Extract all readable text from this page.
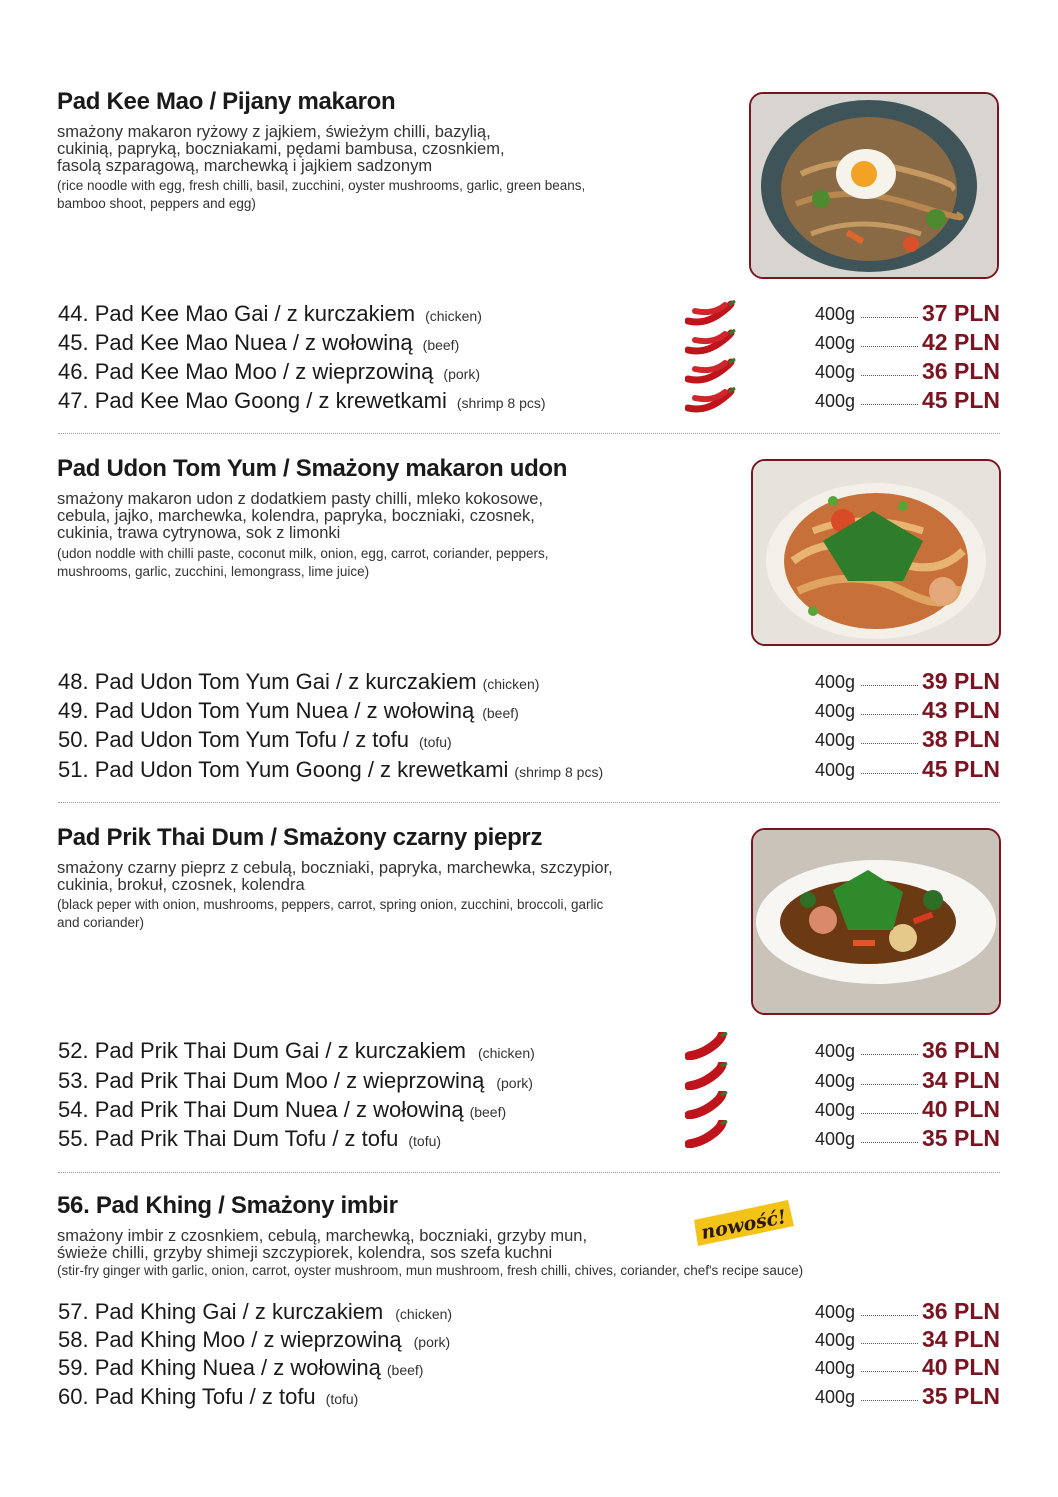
Pad Kee Mao / Pijany makaron
smażony makaron ryżowy z jajkiem, świeżym chilli, bazylią,
cukinią, papryką, boczniakami, pędami bambusa, czosnkiem,
fasolą szparagową, marchewką i jajkiem sadzonym
(rice noodle with egg, fresh chilli, basil, zucchini, oyster mushrooms, garlic, green beans,
bamboo shoot, peppers and egg)
44. Pad Kee Mao Gai / z kurczakiem (chicken)	400g	37 PLN
45. Pad Kee Mao Nuea / z wołowiną (beef)	400g	42 PLN
46. Pad Kee Mao Moo / z wieprzowiną (pork)	400g	36 PLN
47. Pad Kee Mao Goong / z krewetkami (shrimp 8 pcs)	400g	45 PLN
Pad Udon Tom Yum / Smażony makaron udon
smażony makaron udon z dodatkiem pasty chilli, mleko kokosowe,
cebula, jajko, marchewka, kolendra, papryka, boczniaki, czosnek,
cukinia, trawa cytrynowa, sok z limonki
(udon noddle with chilli paste, coconut milk, onion, egg, carrot, coriander, peppers,
mushrooms, garlic, zucchini, lemongrass, lime juice)
48. Pad Udon Tom Yum Gai / z kurczakiem (chicken)	400g	39 PLN
49. Pad Udon Tom Yum Nuea / z wołowiną (beef)	400g	43 PLN
50. Pad Udon Tom Yum Tofu / z tofu (tofu)	400g	38 PLN
51. Pad Udon Tom Yum Goong / z krewetkami (shrimp 8 pcs)	400g	45 PLN
Pad Prik Thai Dum / Smażony czarny pieprz
smażony czarny pieprz z cebulą, boczniaki, papryka, marchewka, szczypior,
cukinia, brokuł, czosnek, kolendra
(black peper with onion, mushrooms, peppers, carrot, spring onion, zucchini, broccoli, garlic
and coriander)
52. Pad Prik Thai Dum Gai / z kurczakiem (chicken)	400g	36 PLN
53. Pad Prik Thai Dum Moo / z wieprzowiną (pork)	400g	34 PLN
54. Pad Prik Thai Dum Nuea / z wołowiną (beef)	400g	40 PLN
55. Pad Prik Thai Dum Tofu / z tofu (tofu)	400g	35 PLN
56. Pad Khing / Smażony imbir
nowość!
smażony imbir z czosnkiem, cebulą, marchewką, boczniaki, grzyby mun,
świeże chilli, grzyby shimeji szczypiorek, kolendra, sos szefa kuchni
(stir-fry ginger with garlic, onion, carrot, oyster mushroom, mun mushroom, fresh chilli, chives, coriander, chef's recipe sauce)
57. Pad Khing Gai / z kurczakiem (chicken)	400g	36 PLN
58. Pad Khing Moo / z wieprzowiną (pork)	400g	34 PLN
59. Pad Khing Nuea / z wołowiną (beef)	400g	40 PLN
60. Pad Khing Tofu / z tofu (tofu)	400g	35 PLN
